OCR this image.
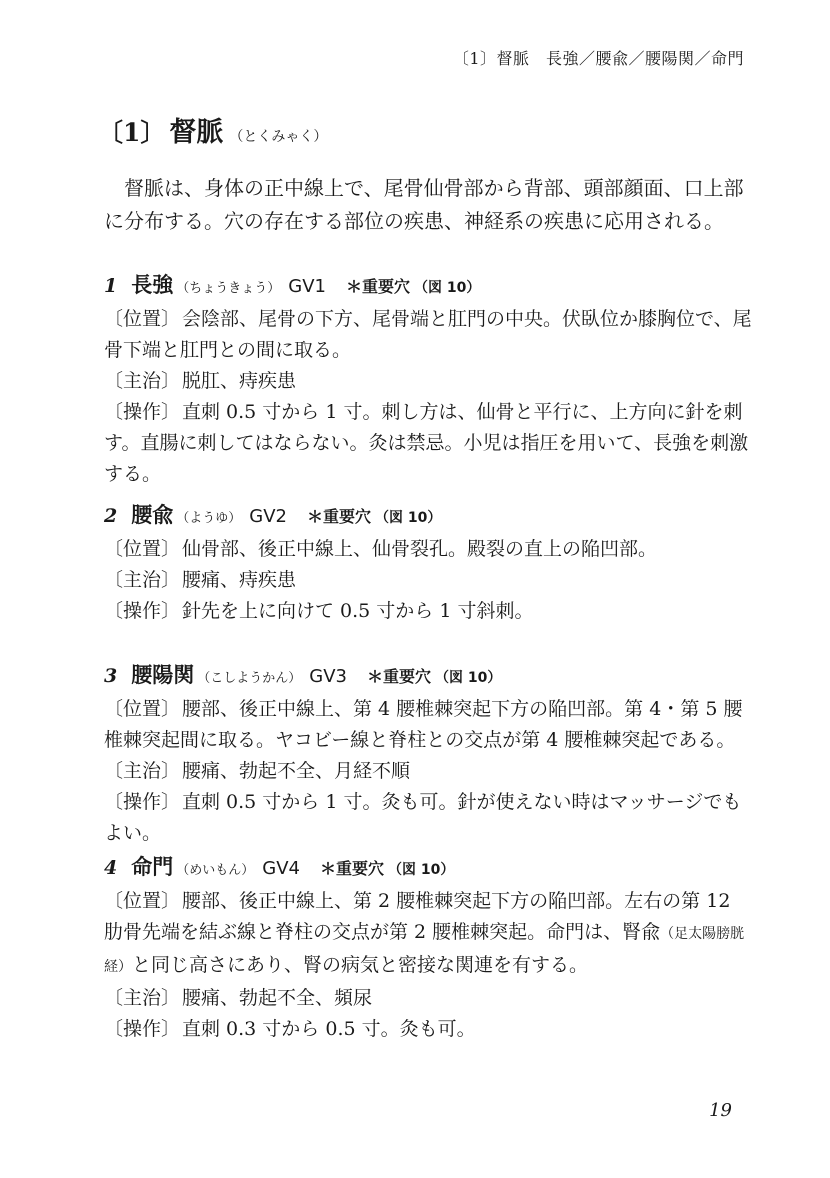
〔1〕督脈　長強／腰兪／腰陽関／命門
〔1〕 督脈 （とくみゃく）

督脈は、身体の正中線上で、尾骨仙骨部から背部、頭部顔面、口上部に分布する。穴の存在する部位の疾患、神経系の疾患に応用される。

1 長強 （ちょうきょう） GV1 ＊重要穴 （図 10）

〔位置〕 会陰部、尾骨の下方、尾骨端と肛門の中央。伏臥位か膝胸位で、尾骨下端と肛門との間に取る。

〔主治〕 脱肛、痔疾患

〔操作〕 直刺 0.5 寸から 1 寸。刺し方は、仙骨と平行に、上方向に針を刺す。直腸に刺してはならない。灸は禁忌。小児は指圧を用いて、長強を刺激する。

2 腰兪 （ようゆ） GV2 ＊重要穴 （図 10）

〔位置〕 仙骨部、後正中線上、仙骨裂孔。殿裂の直上の陥凹部。

〔主治〕 腰痛、痔疾患

〔操作〕 針先を上に向けて 0.5 寸から 1 寸斜刺。

3 腰陽関 （こしようかん） GV3 ＊重要穴 （図 10）

〔位置〕 腰部、後正中線上、第 4 腰椎棘突起下方の陥凹部。第 4・第 5 腰椎棘突起間に取る。ヤコビー線と脊柱との交点が第 4 腰椎棘突起である。

〔主治〕 腰痛、勃起不全、月経不順

〔操作〕 直刺 0.5 寸から 1 寸。灸も可。針が使えない時はマッサージでもよい。

4 命門 （めいもん） GV4 ＊重要穴 （図 10）

〔位置〕 腰部、後正中線上、第 2 腰椎棘突起下方の陥凹部。左右の第 12 肋骨先端を結ぶ線と脊柱の交点が第 2 腰椎棘突起。命門は、腎兪（足太陽膀胱経）と同じ高さにあり、腎の病気と密接な関連を有する。

〔主治〕 腰痛、勃起不全、頻尿

〔操作〕 直刺 0.3 寸から 0.5 寸。灸も可。

19
